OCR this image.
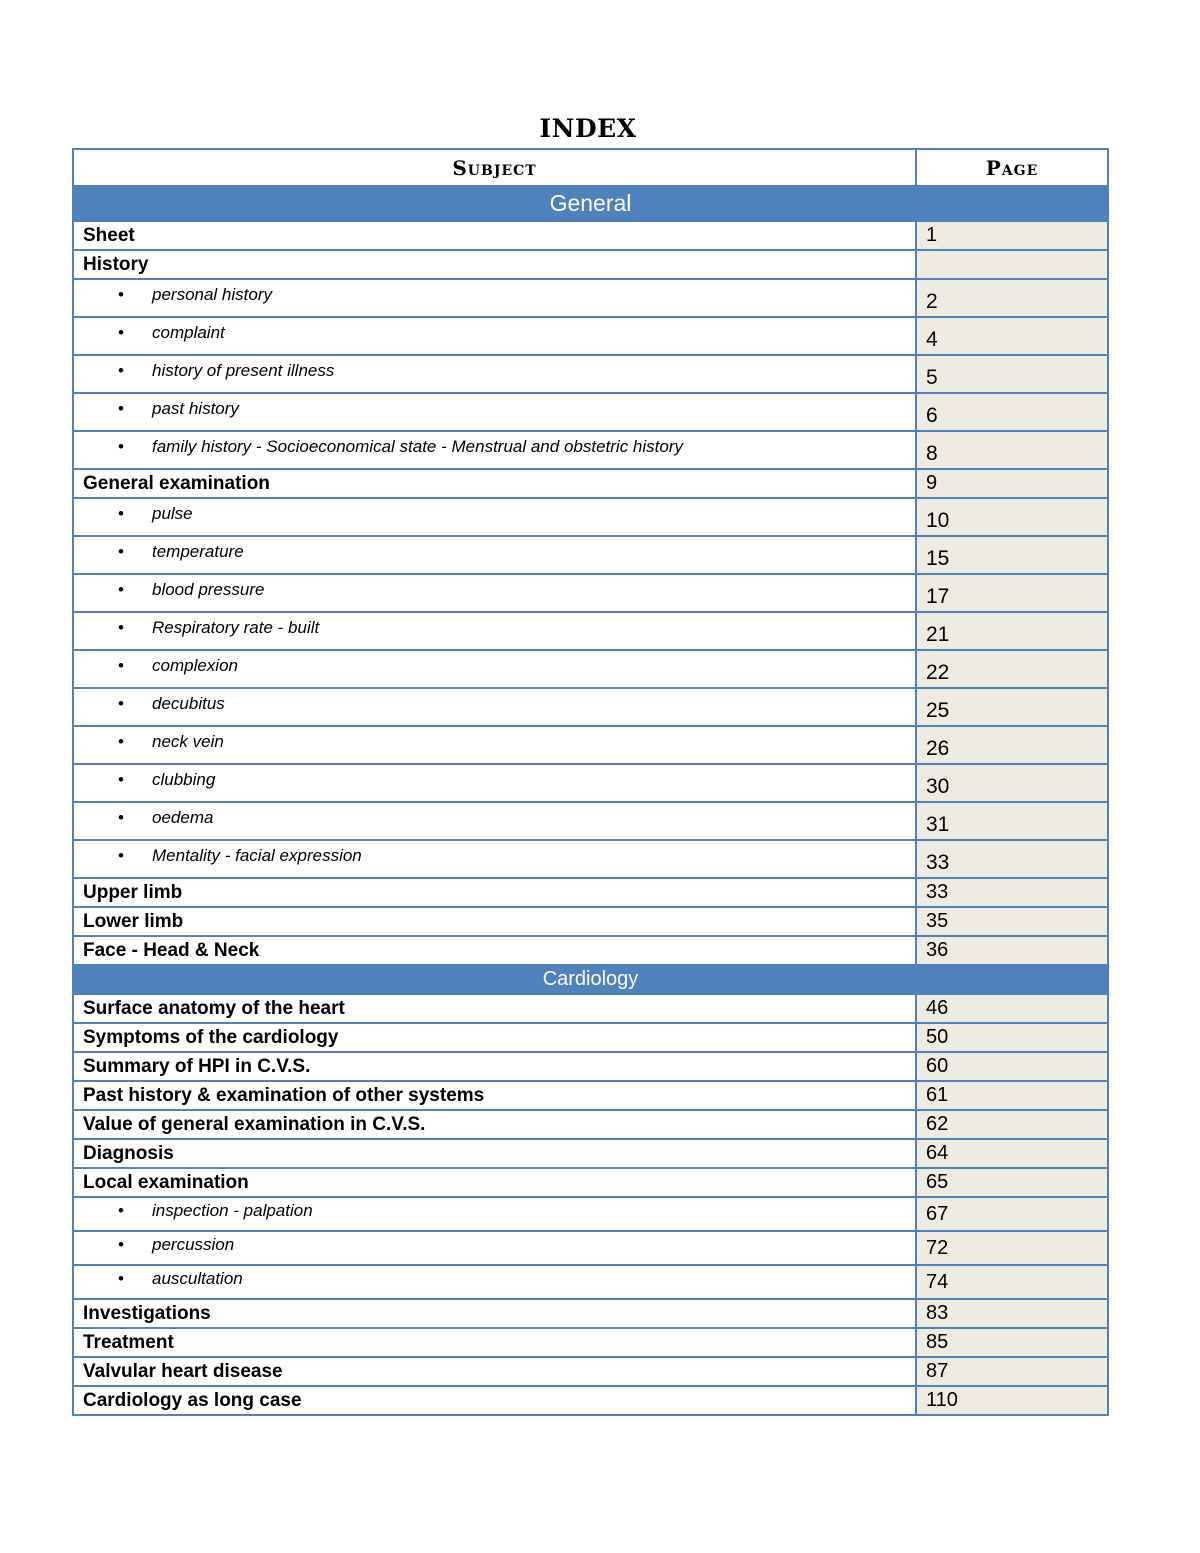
INDEX
Subject	Page
General	
Sheet	1
History	
• personal history	2
• complaint	4
• history of present illness	5
• past history	6
• family history - Socioeconomical state - Menstrual and obstetric history	8
General examination	9
• pulse	10
• temperature	15
• blood pressure	17
• Respiratory rate - built	21
• complexion	22
• decubitus	25
• neck vein	26
• clubbing	30
• oedema	31
• Mentality - facial expression	33
Upper limb	33
Lower limb	35
Face - Head & Neck	36
Cardiology	
Surface anatomy of the heart	46
Symptoms of the cardiology	50
Summary of HPI in C.V.S.	60
Past history & examination of other systems	61
Value of general examination in C.V.S.	62
Diagnosis	64
Local examination	65
• inspection - palpation	67
• percussion	72
• auscultation	74
Investigations	83
Treatment	85
Valvular heart disease	87
Cardiology as long case	110
